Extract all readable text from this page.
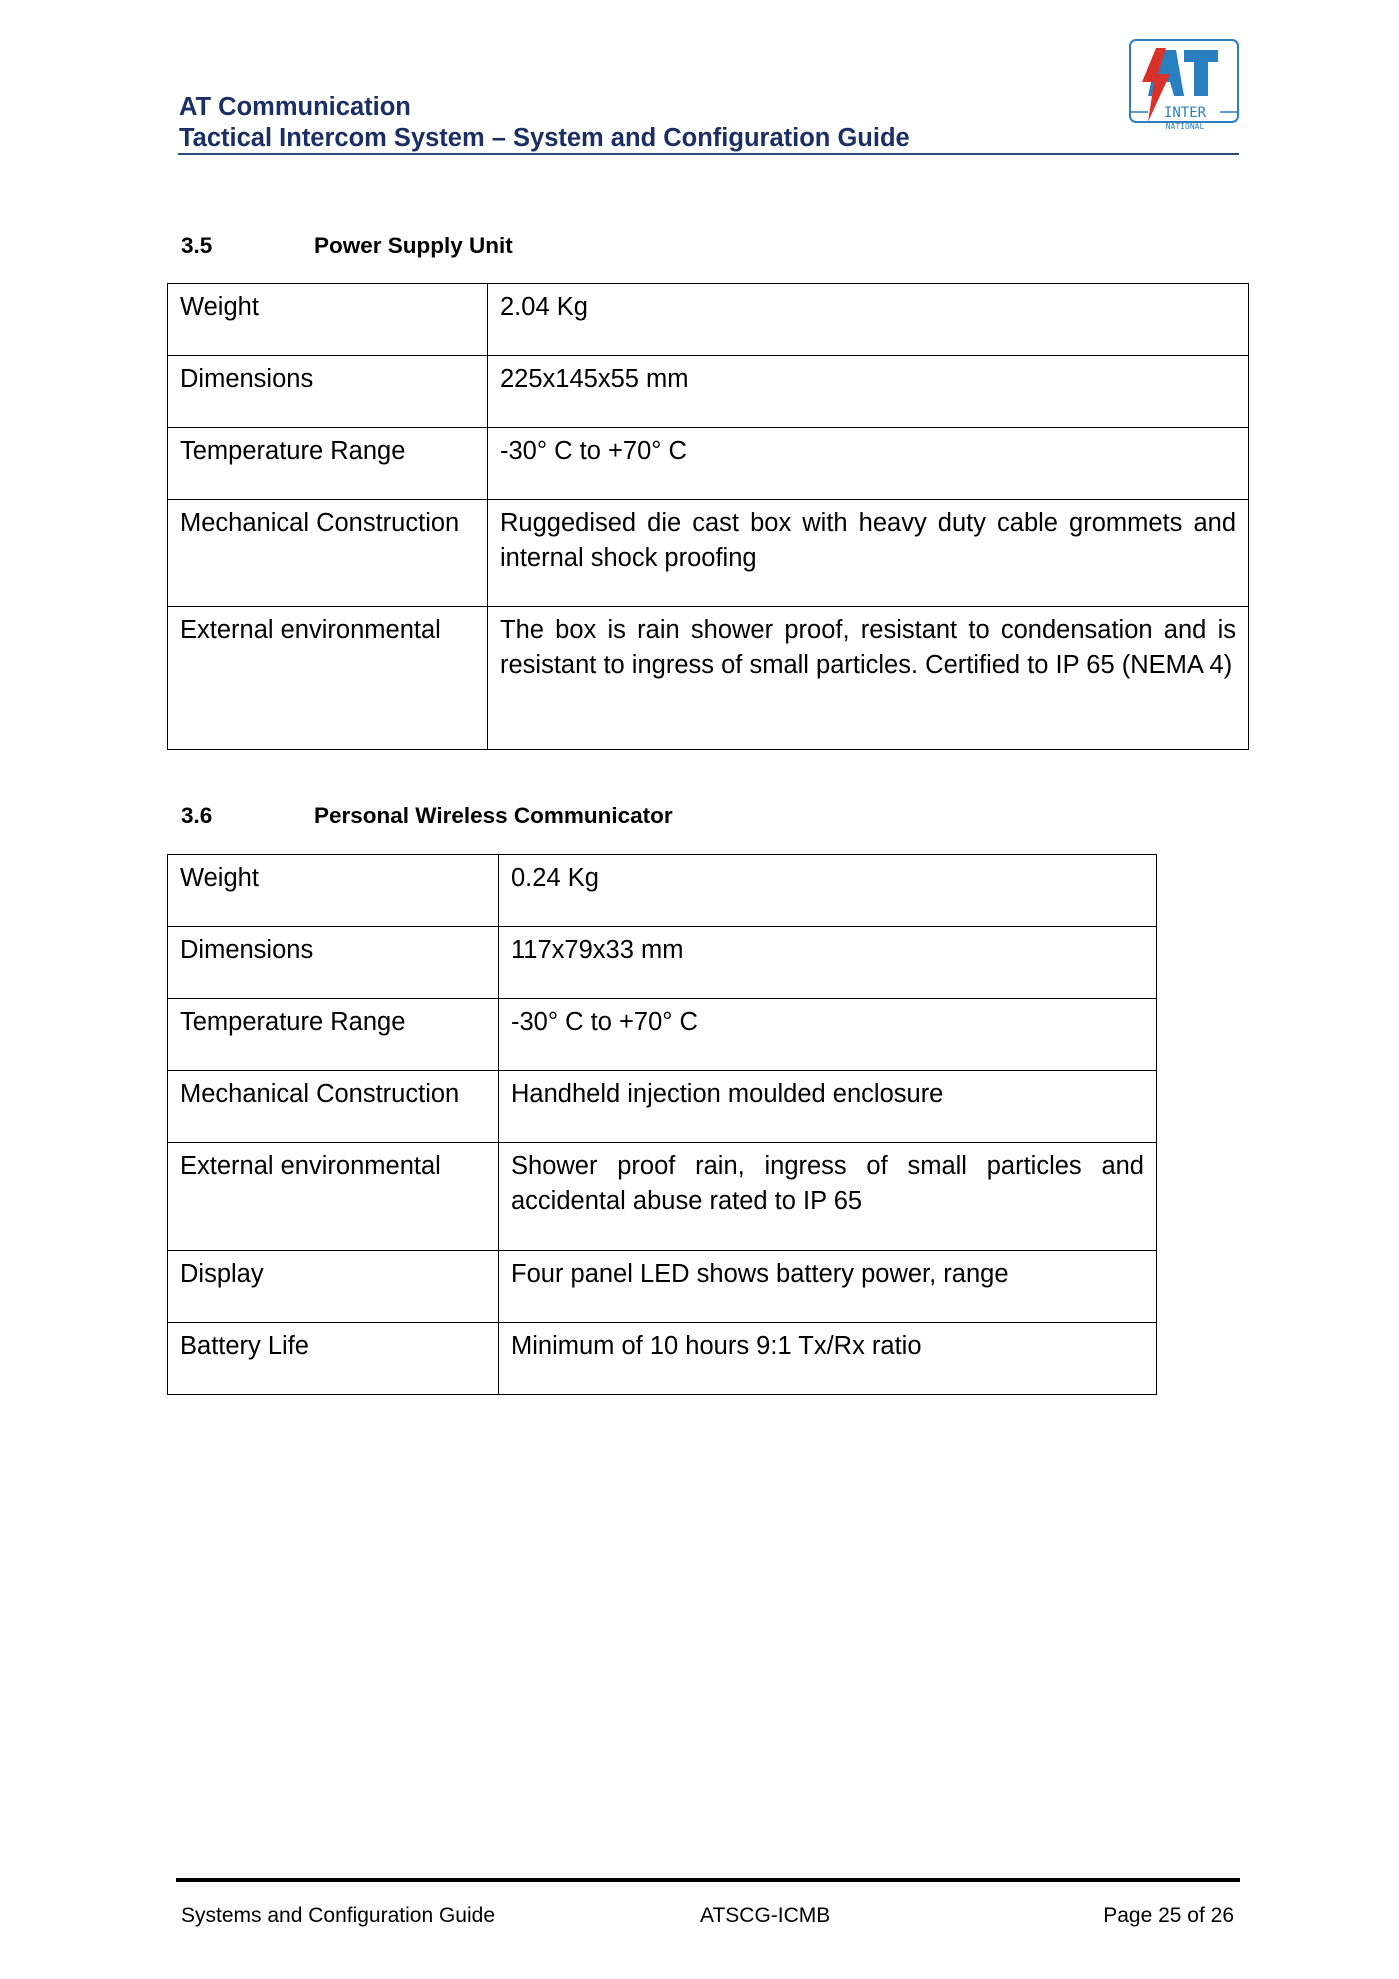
AT Communication
Tactical Intercom System – System and Configuration Guide
INTER
NATIONAL
3.5	Power Supply Unit
Weight	2.04 Kg
Dimensions	225x145x55 mm
Temperature Range	-30° C to +70° C
Mechanical Construction	Ruggedised die cast box with heavy duty cable grommets and internal shock proofing
External environmental	The box is rain shower proof, resistant to condensation and is resistant to ingress of small particles. Certified to IP 65 (NEMA 4)
3.6	Personal Wireless Communicator
Weight	0.24 Kg
Dimensions	117x79x33 mm
Temperature Range	-30° C to +70° C
Mechanical Construction	Handheld injection moulded enclosure
External environmental	Shower proof rain, ingress of small particles and accidental abuse rated to IP 65
Display	Four panel LED shows battery power, range
Battery Life	Minimum of 10 hours 9:1 Tx/Rx ratio
Systems and Configuration Guide	ATSCG-ICMB	Page 25 of 26
